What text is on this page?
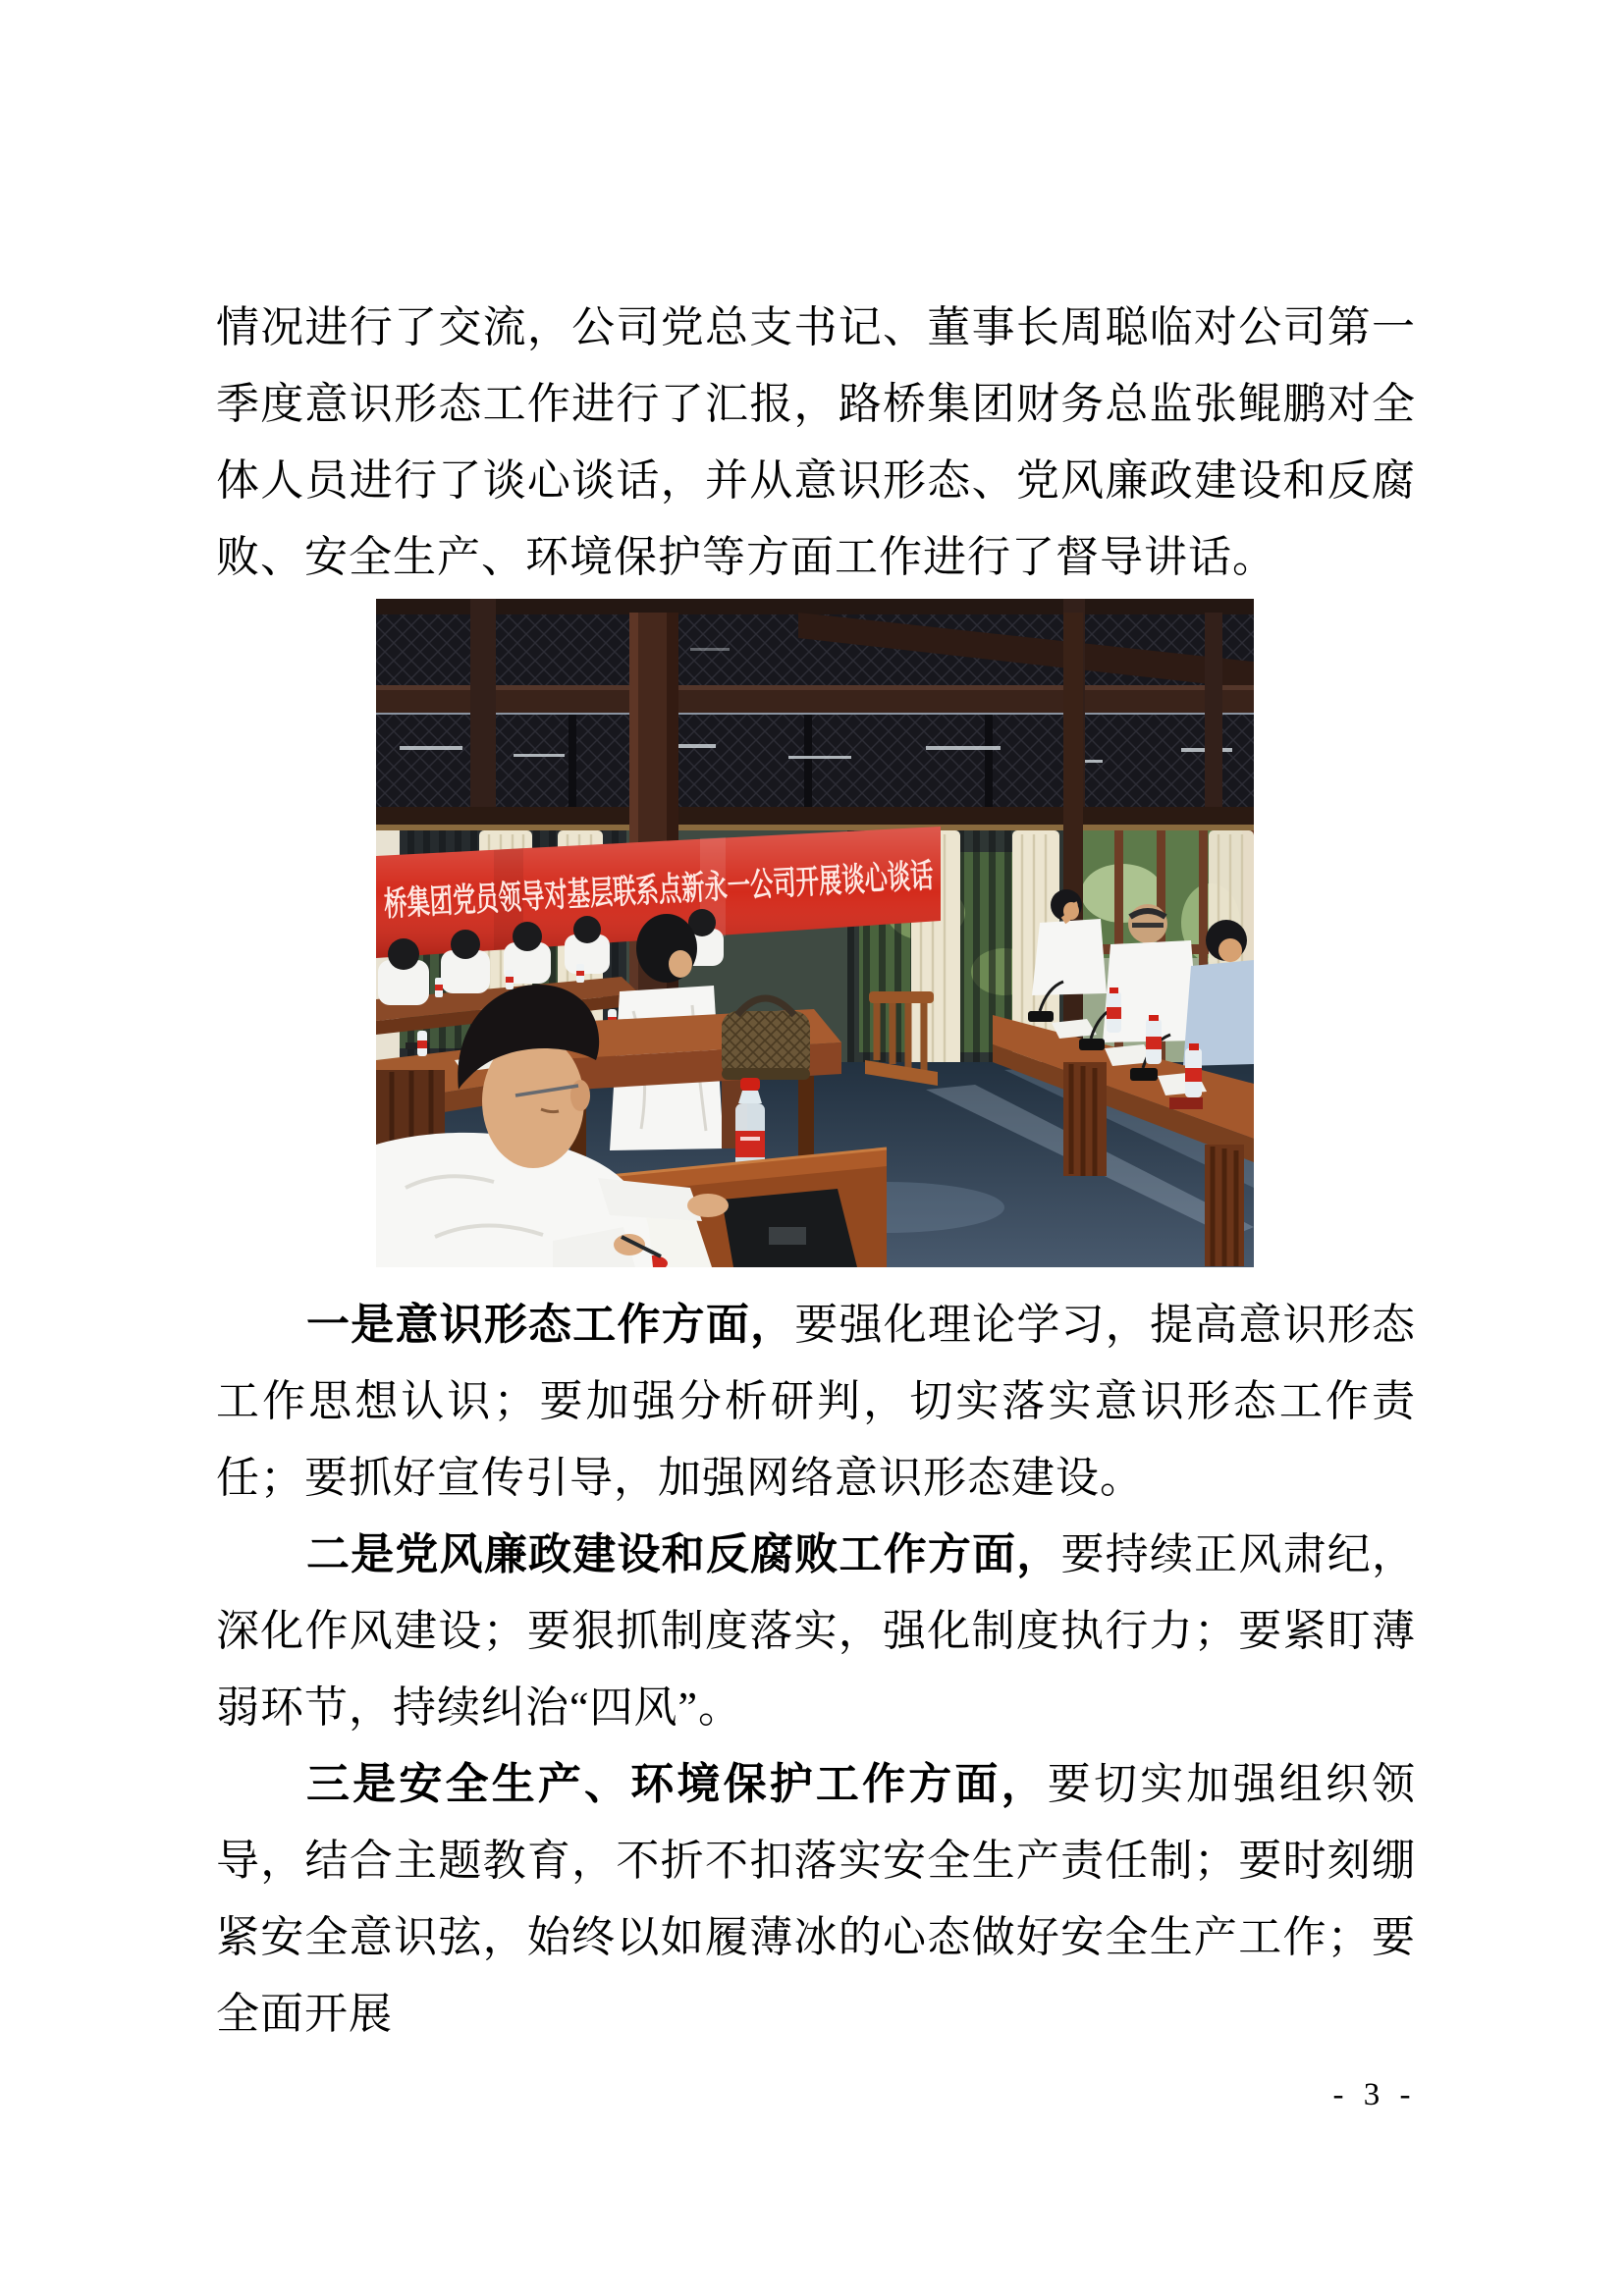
情况进行了交流，公司党总支书记、董事长周聪临对公司第一季度意识形态工作进行了汇报，路桥集团财务总监张鲲鹏对全体人员进行了谈心谈话，并从意识形态、党风廉政建设和反腐败、安全生产、环境保护等方面工作进行了督导讲话。

桥集团党员领导对基层联系点新永一公司开展谈心谈话

一是意识形态工作方面，要强化理论学习，提高意识形态工作思想认识；要加强分析研判，切实落实意识形态工作责任；要抓好宣传引导，加强网络意识形态建设。

二是党风廉政建设和反腐败工作方面，要持续正风肃纪，深化作风建设；要狠抓制度落实，强化制度执行力；要紧盯薄弱环节，持续纠治“四风”。

三是安全生产、环境保护工作方面，要切实加强组织领导，结合主题教育，不折不扣落实安全生产责任制；要时刻绷紧安全意识弦，始终以如履薄冰的心态做好安全生产工作；要全面开展

- 3 -
